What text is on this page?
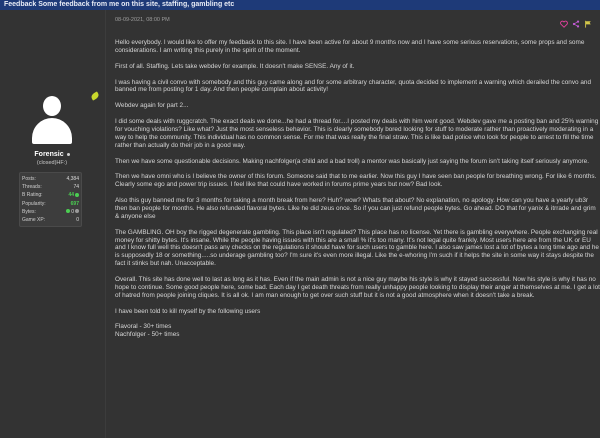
Feedback Some feedback from me on this site, staffing, gambling etc
Forensic
(closed)HF:)
Posts:	4,384
Threads:	74
B Rating:	44
Popularity:	697
Bytes:	0
Game XP:	0
08-09-2021, 08:00 PM

Hello everybody. I would like to offer my feedback to this site. I have been active for about 9 months now and I have some serious reservations, some props and some considerations. I am writing this purely in the spirit of the moment.

First of all. Staffing. Lets take webdev for example. It doesn't make SENSE. Any of it.

I was having a civil convo with somebody and this guy came along and for some arbitrary character, quota decided to implement a warning which derailed the convo and banned me from posting for 1 day. And then people complain about activity!

Webdev again for part 2...

I did some deals with ruggcratch. The exact deals we done...he had a thread for....I posted my deals with him went good. Webdev gave me a posting ban and 25% warning for vouching violations? Like what? Just the most senseless behavior. This is clearly somebody bored looking for stuff to moderate rather than proactively moderating in a way to help the community. This individual has no common sense. For me that was really the final straw. This is like bad police who look for people to arrest to fill the time rather than actually do their job in a good way.

Then we have some questionable decisions. Making nachfolger(a child and a bad troll) a mentor was basically just saying the forum isn't taking itself seriously anymore.

Then we have omni who is I believe the owner of this forum. Someone said that to me earlier. Now this guy I have seen ban people for breathing wrong. For like 6 months. Clearly some ego and power trip issues. I feel like that could have worked in forums prime years but now? Bad look.

Also this guy banned me for 3 months for taking a month break from here? Huh? wow? Whats that about? No explanation, no apology. How can you have a yearly ub3r then ban people for months. He also refunded flavoral bytes. Like he did zeus once. So if you can just refund people bytes. Go ahead. DO that for yanix & itrrade and grim & anyone else

The GAMBLING. OH boy the rigged degenerate gambling. This place isn't regulated? This place has no license. Yet there is gambling everywhere. People exchanging real money for shitty bytes. It's insane. While the people having issues with this are a small % it's too many. It's not legal quite frankly. Most users here are from the UK or EU and I know full well this doesn't pass any checks on the regulations it should have for such users to gamble here. I also saw james lost a lot of bytes a long time ago and he is supposedly 18 or something.....so underage gambling too? I'm sure it's even more illegal. Like the e-whoring I'm such if it helps the site in some way it stays despite the fact it stinks but nah. Unacceptable.

Overall. This site has done well to last as long as it has. Even if the main admin is not a nice guy maybe his style is why it stayed successful. Now his style is why it has no hope to continue. Some good people here, some bad. Each day I get death threats from really unhappy people looking to display their anger at themselves at me. I get a lot of hatred from people joining cliques. It is all ok. I am man enough to get over such stuff but it is not a good atmosphere when it doesn't take a break.

I have been told to kill myself by the following users

Flavoral - 30+ times

Nachfolger - 50+ times
